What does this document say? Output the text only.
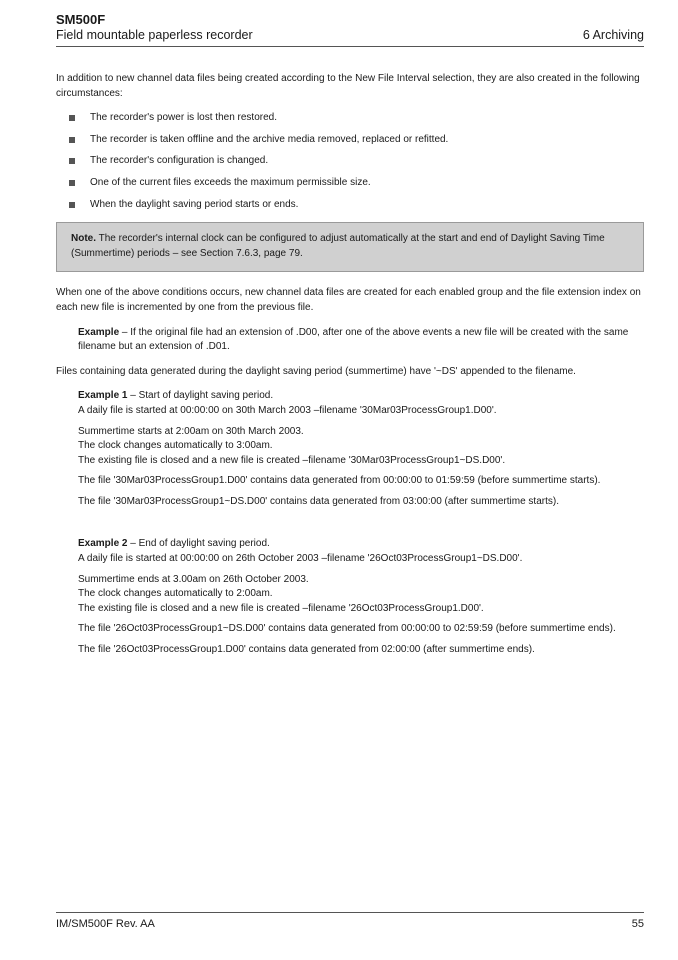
SM500F
Field mountable paperless recorder	6 Archiving

In addition to new channel data files being created according to the New File Interval selection, they are also created in the following circumstances:

The recorder's power is lost then restored.
The recorder is taken offline and the archive media removed, replaced or refitted.
The recorder's configuration is changed.
One of the current files exceeds the maximum permissible size.
When the daylight saving period starts or ends.
Note. The recorder's internal clock can be configured to adjust automatically at the start and end of Daylight Saving Time (Summertime) periods – see Section 7.6.3, page 79.

When one of the above conditions occurs, new channel data files are created for each enabled group and the file extension index on each new file is incremented by one from the previous file.

Example – If the original file had an extension of .D00, after one of the above events a new file will be created with the same filename but an extension of .D01.

Files containing data generated during the daylight saving period (summertime) have '~DS' appended to the filename.

Example 1 – Start of daylight saving period.

A daily file is started at 00:00:00 on 30th March 2003 –filename '30Mar03ProcessGroup1.D00'.

Summertime starts at 2:00am on 30th March 2003.

The clock changes automatically to 3:00am.

The existing file is closed and a new file is created –filename '30Mar03ProcessGroup1~DS.D00'.

The file '30Mar03ProcessGroup1.D00' contains data generated from 00:00:00 to 01:59:59 (before summertime starts).

The file '30Mar03ProcessGroup1~DS.D00' contains data generated from 03:00:00 (after summertime starts).

Example 2 – End of daylight saving period.

A daily file is started at 00:00:00 on 26th October 2003 –filename '26Oct03ProcessGroup1~DS.D00'.

Summertime ends at 3.00am on 26th October 2003.

The clock changes automatically to 2:00am.

The existing file is closed and a new file is created –filename '26Oct03ProcessGroup1.D00'.

The file '26Oct03ProcessGroup1~DS.D00' contains data generated from 00:00:00 to 02:59:59 (before summertime ends).

The file '26Oct03ProcessGroup1.D00' contains data generated from 02:00:00 (after summertime ends).

IM/SM500F Rev. AA	55
